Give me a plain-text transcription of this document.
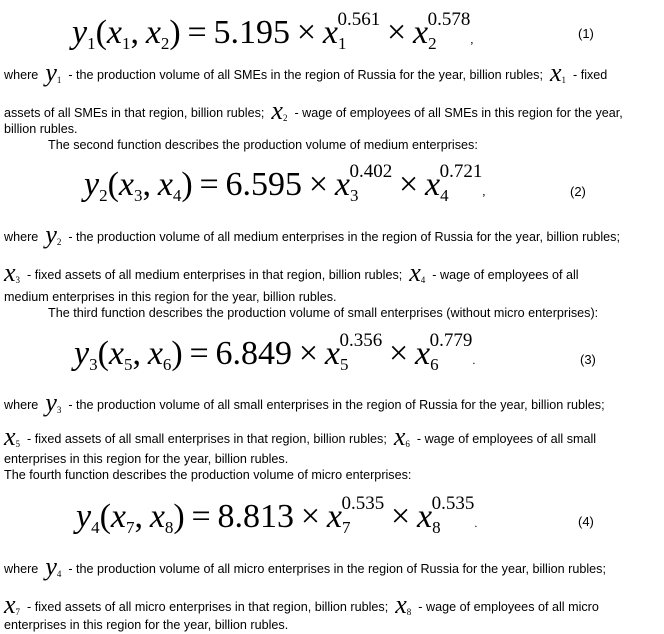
$y_1(x_1$, $x_2) = 5.195 \times x_1^{0.561} \times x_2^{0.578}$,	(1)
where $y_1$ - the production volume of all SMEs in the region of Russia for the year, billion rubles; $x_1$ - fixed
assets of all SMEs in that region, billion rubles; $x_2$ - wage of employees of all SMEs in this region for the year,
billion rubles.
The second function describes the production volume of medium enterprises:
$y_2(x_3$, $x_4) = 6.595 \times x_3^{0.402} \times x_4^{0.721}$,	(2)
where $y_2$ - the production volume of all medium enterprises in the region of Russia for the year, billion rubles;
$x_3$ - fixed assets of all medium enterprises in that region, billion rubles; $x_4$ - wage of employees of all
medium enterprises in this region for the year, billion rubles.
The third function describes the production volume of small enterprises (without micro enterprises):
$y_3(x_5$, $x_6) = 6.849 \times x_5^{0.356} \times x_6^{0.779}$.	(3)
where $y_3$ - the production volume of all small enterprises in the region of Russia for the year, billion rubles;
$x_5$ - fixed assets of all small enterprises in that region, billion rubles; $x_6$ - wage of employees of all small
enterprises in this region for the year, billion rubles.
The fourth function describes the production volume of micro enterprises:
$y_4(x_7$, $x_8) = 8.813 \times x_7^{0.535} \times x_8^{0.535}$.	(4)
where $y_4$ - the production volume of all micro enterprises in the region of Russia for the year, billion rubles;
$x_7$ - fixed assets of all micro enterprises in that region, billion rubles; $x_8$ - wage of employees of all micro
enterprises in this region for the year, billion rubles.
